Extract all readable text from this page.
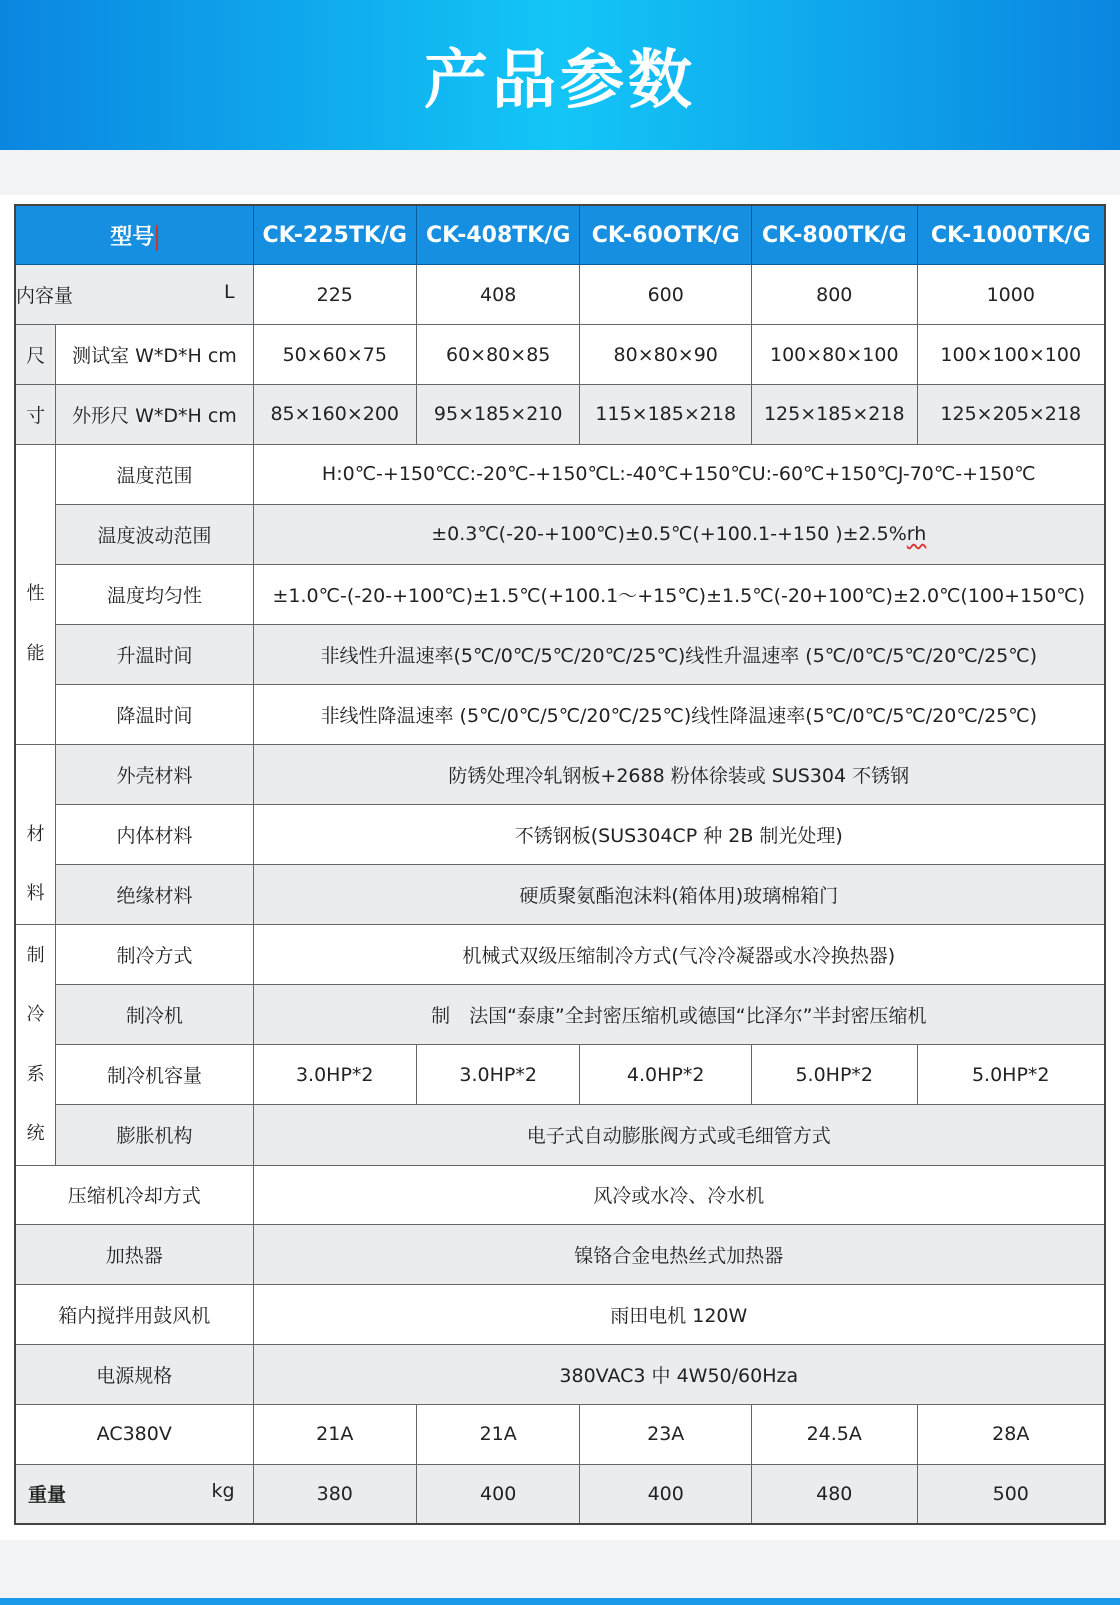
产品参数
型号		CK-225TK/G	CK-408TK/G	CK-60OTK/G	CK-800TK/G	CK-1000TK/G

内容量 L		225	408	600	800	1000
尺	测试室 W*D*H cm	50×60×75	60×80×85	80×80×90	100×80×100	100×100×100
寸	外形尺 W*D*H cm	85×160×200	95×185×210	115×185×218	125×185×218	125×205×218

性
能	温度范围	H:0℃-+150℃C:-20℃-+150℃L:-40℃+150℃U:-60℃+150℃J-70℃-+150℃				
	温度波动范围	±0.3℃(-20-+100℃)±0.5℃(+100.1-+150 )±2.5%rh				
	温度均匀性	±1.0℃-(-20-+100℃)±1.5℃(+100.1～+15℃)±1.5℃(-20+100℃)±2.0℃(100+150℃)				
	升温时间	非线性升温速率(5℃/0℃/5℃/20℃/25℃)线性升温速率 (5℃/0℃/5℃/20℃/25℃)				
	降温时间	非线性降温速率 (5℃/0℃/5℃/20℃/25℃)线性降温速率(5℃/0℃/5℃/20℃/25℃)				

材
料	外壳材料	防锈处理冷轧钢板+2688 粉体徐装或 SUS304 不锈钢				
	内体材料	不锈钢板(SUS304CP 种 2B 制光处理)				
	绝缘材料	硬质聚氨酯泡沫料(箱体用)玻璃棉箱门				

制
冷
系
统	制冷方式	机械式双级压缩制冷方式(气冷冷凝器或水冷换热器)				
	制冷机	制　法国“泰康”全封密压缩机或德国“比泽尔”半封密压缩机				
	制冷机容量	3.0HP*2	3.0HP*2	4.0HP*2	5.0HP*2	5.0HP*2
	膨胀机构	电子式自动膨胀阀方式或毛细管方式				
压缩机冷却方式		风冷或水冷、冷水机				
加热器		镍铬合金电热丝式加热器				
箱内搅拌用鼓风机		雨田电机 120W				
电源规格		380VAC3 中 4W50/60Hza				
AC380V		21A	21A	23A	24.5A	28A

重量 kg		380	400	400	480	500
